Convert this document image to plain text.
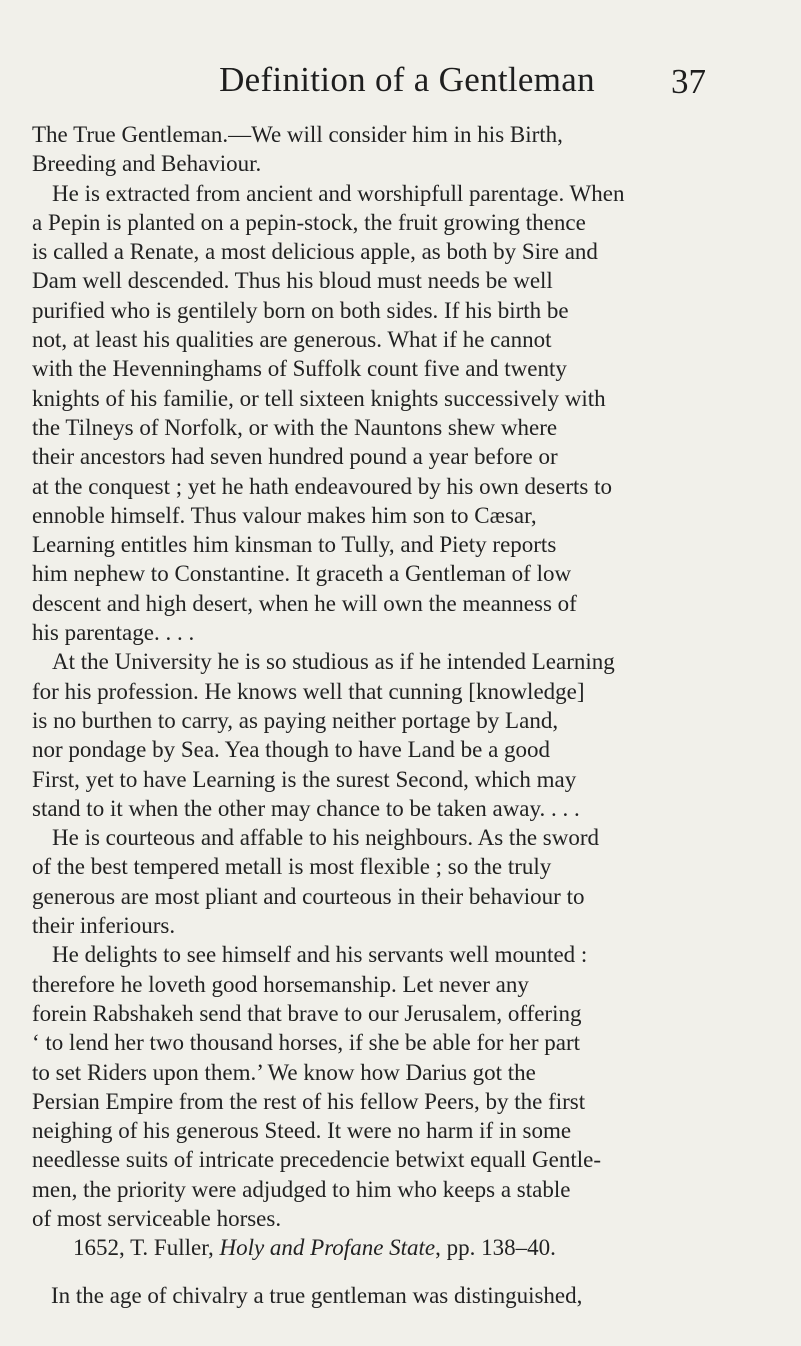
Definition of a Gentleman	37
The True Gentleman.—We will consider him in his Birth,
Breeding and Behaviour.
He is extracted from ancient and worshipfull parentage. When
a Pepin is planted on a pepin-stock, the fruit growing thence
is called a Renate, a most delicious apple, as both by Sire and
Dam well descended. Thus his bloud must needs be well
purified who is gentilely born on both sides. If his birth be
not, at least his qualities are generous. What if he cannot
with the Hevenninghams of Suffolk count five and twenty
knights of his familie, or tell sixteen knights successively with
the Tilneys of Norfolk, or with the Nauntons shew where
their ancestors had seven hundred pound a year before or
at the conquest ; yet he hath endeavoured by his own deserts to
ennoble himself. Thus valour makes him son to Cæsar,
Learning entitles him kinsman to Tully, and Piety reports
him nephew to Constantine. It graceth a Gentleman of low
descent and high desert, when he will own the meanness of
his parentage. . . .
At the University he is so studious as if he intended Learning
for his profession. He knows well that cunning [knowledge]
is no burthen to carry, as paying neither portage by Land,
nor pondage by Sea. Yea though to have Land be a good
First, yet to have Learning is the surest Second, which may
stand to it when the other may chance to be taken away. . . .
He is courteous and affable to his neighbours. As the sword
of the best tempered metall is most flexible ; so the truly
generous are most pliant and courteous in their behaviour to
their inferiours.
He delights to see himself and his servants well mounted :
therefore he loveth good horsemanship. Let never any
forein Rabshakeh send that brave to our Jerusalem, offering
‘ to lend her two thousand horses, if she be able for her part
to set Riders upon them.’ We know how Darius got the
Persian Empire from the rest of his fellow Peers, by the first
neighing of his generous Steed. It were no harm if in some
needlesse suits of intricate precedencie betwixt equall Gentle-
men, the priority were adjudged to him who keeps a stable
of most serviceable horses.
1652, T. Fuller, Holy and Profane State, pp. 138–40.
In the age of chivalry a true gentleman was distinguished,
